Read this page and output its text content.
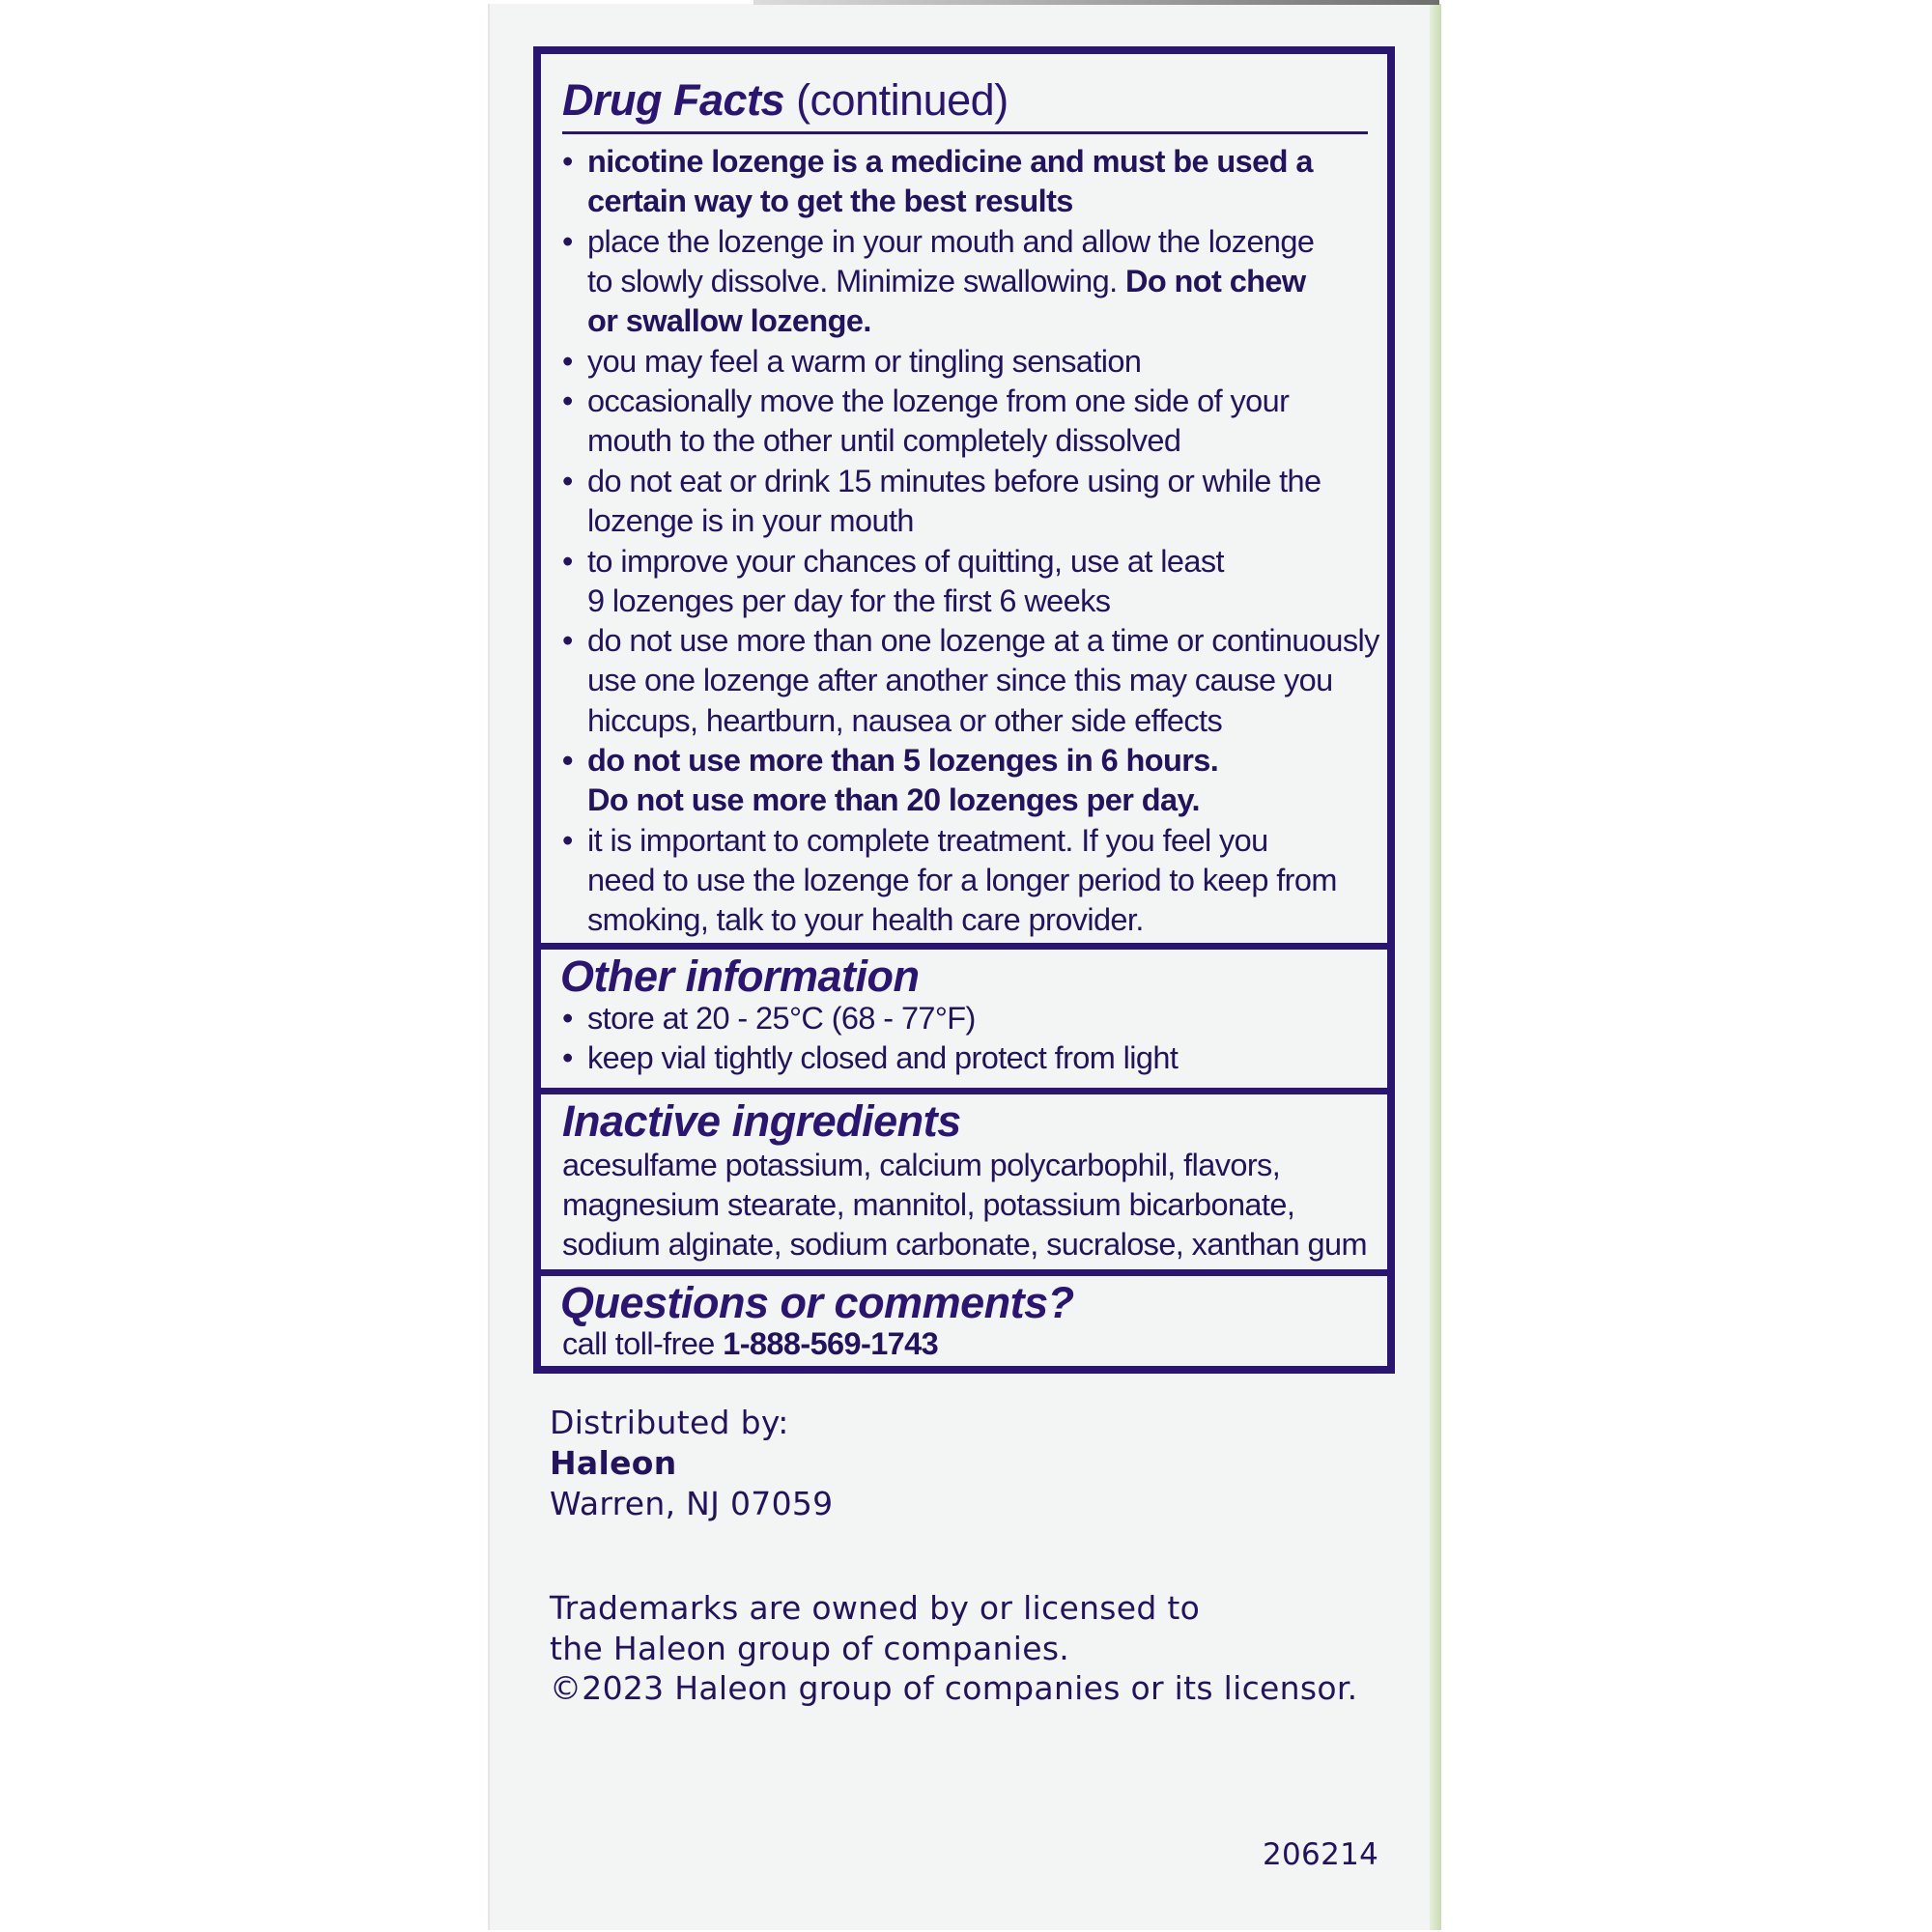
Drug Facts (continued)
• nicotine lozenge is a medicine and must be used a
certain way to get the best results
• place the lozenge in your mouth and allow the lozenge
to slowly dissolve. Minimize swallowing. Do not chew
or swallow lozenge.
• you may feel a warm or tingling sensation
• occasionally move the lozenge from one side of your
mouth to the other until completely dissolved
• do not eat or drink 15 minutes before using or while the
lozenge is in your mouth
• to improve your chances of quitting, use at least
9 lozenges per day for the first 6 weeks
• do not use more than one lozenge at a time or continuously
use one lozenge after another since this may cause you
hiccups, heartburn, nausea or other side effects
• do not use more than 5 lozenges in 6 hours.
Do not use more than 20 lozenges per day.
• it is important to complete treatment. If you feel you
need to use the lozenge for a longer period to keep from
smoking, talk to your health care provider.
Other information
• store at 20 - 25°C (68 - 77°F)
• keep vial tightly closed and protect from light
Inactive ingredients
acesulfame potassium, calcium polycarbophil, flavors,
magnesium stearate, mannitol, potassium bicarbonate,
sodium alginate, sodium carbonate, sucralose, xanthan gum
Questions or comments?
call toll-free 1-888-569-1743
Distributed by:
Haleon
Warren, NJ 07059
Trademarks are owned by or licensed to
the Haleon group of companies.
©2023 Haleon group of companies or its licensor.
206214
